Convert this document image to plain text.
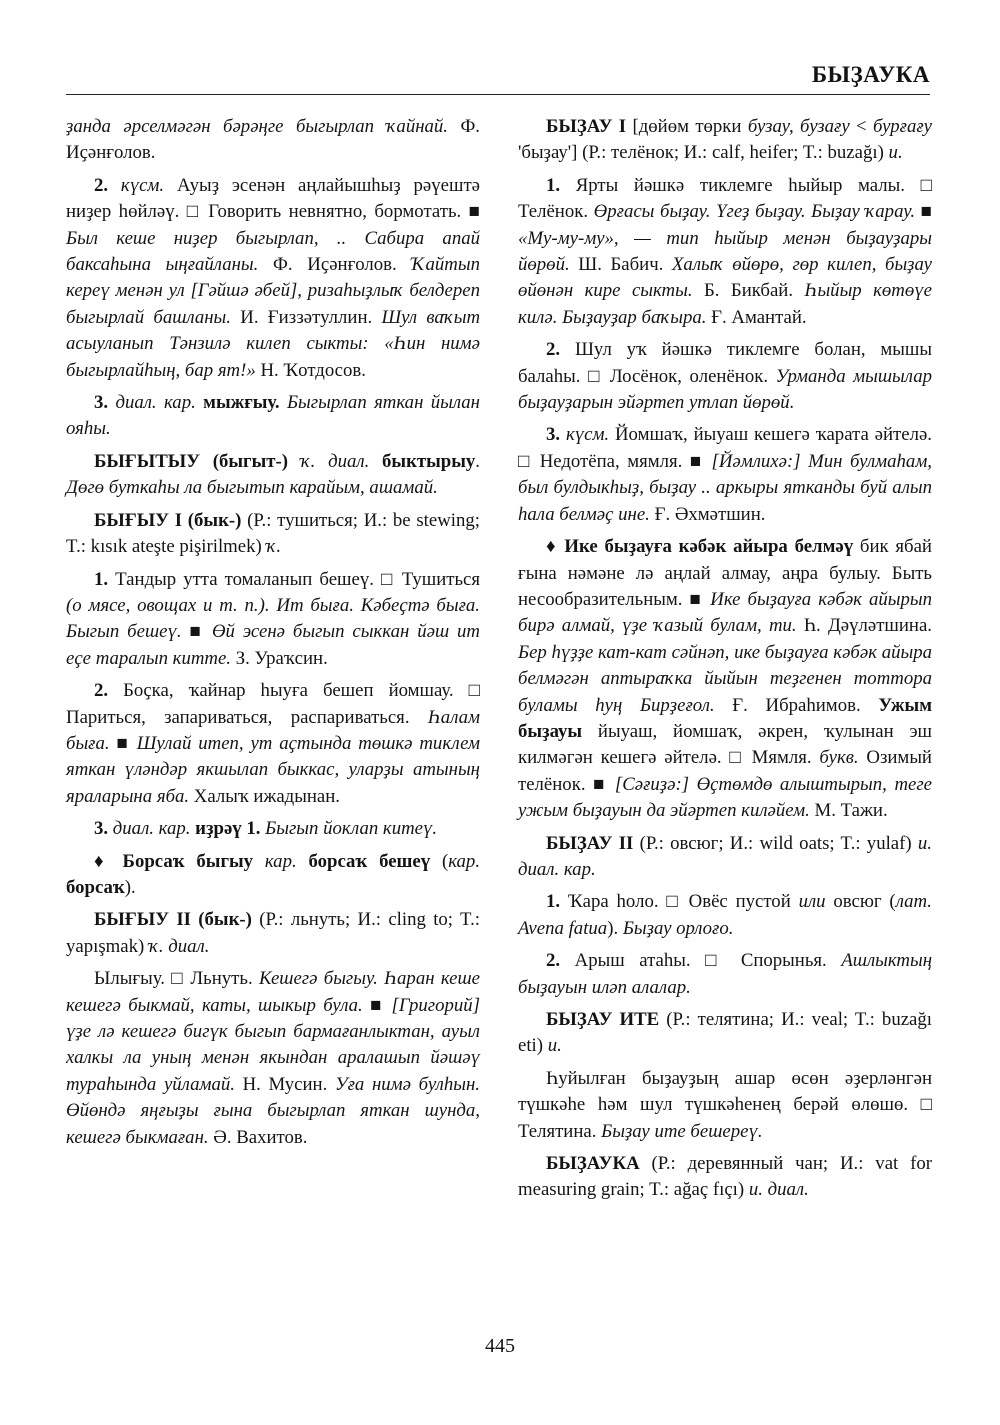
БЫҘАУКА

ҙанда әрселмәгән бәрәңге быгырлап ҡайнай. Ф. Иҫәнғолов.

2. күсм. Ауыҙ эсенән аңлайышһыҙ рәүештә ниҙер һөйләү. □ Говорить невнятно, бормотать. ■ Был кеше ниҙер быгырлап, .. Сабира апай баксаһына ыңғайланы. Ф. Иҫәнғолов. Ҡайтып кереү менән ул [Гәйшә әбей], ризаһыҙлыҡ белдереп быгырлай башланы. И. Ғиззәтуллин. Шул ваҡыт асыуланып Тәнзилә килеп сыкты: «Һин нимә быгырлайһың, бар ят!» Н. Ҡотдосов.

3. диал. кар. мыжғыу. Быгырлап яткан йылан ояһы.

БЫҒЫТЫУ (быгыт-) ҡ. диал. быктырыу. Дөгө буткаһы ла быгытып карайым, ашамай.

БЫҒЫУ I (бык-) (Р.: тушиться; И.: be stewing; T.: kısık ateşte pişirilmek) ҡ.

1. Тандыр утта томаланып бешеү. □ Тушиться (о мясе, овощах и т. п.). Ит быға. Кәбеҫтә быға. Быгып бешеү. ■ Өй эсенә быгып сыккан йәш ит еҫе таралып китте. З. Ураҡсин.

2. Боҫка, ҡайнар һыуға бешеп йомшау. □ Париться, запариваться, распариваться. Һалам быға. ■ Шулай итеп, ут аҫтында төшкә тиклем яткан үләндәр якшылап быккас, уларҙы атының яраларына яба. Халыҡ ижадынан.

3. диал. кар. иҙрәү 1. Быгып йоклап китеү.

♦ Борсаҡ быгыу кар. борсаҡ бешеү (кар. борсаҡ).

БЫҒЫУ II (бык-) (Р.: льнуть; И.: cling to; T.: yapışmak) ҡ. диал.

Ылығыу. □ Льнуть. Кешегә быгыу. Һаран кеше кешегә быкмай, каты, шыкыр була. ■ [Григорий] үҙе лә кешегә бигүк быгып бармағанлыктан, ауыл халкы ла уның менән якындан аралашып йәшәү турaһында уйламай. Н. Мусин. Уға нимә булһын. Өйөндә яңғыҙы ғына быгырлап яткан шунда, кешегә быкмаған. Ә. Вахитов.

БЫҘАУ I [дөйөм төрки бузау, бузағу < бурғағу 'быҙау'] (Р.: телёнок; И.: calf, heifer; T.: buzağı) и.

1. Ярты йәшкә тиклемге һыйыр малы. □ Телёнок. Өрғасы быҙау. Үгеҙ быҙау. Быҙау ҡарау. ■ «Му-му-му», — тип һыйыр менән быҙауҙары йөрөй. Ш. Бабич. Халыҡ өйөрө, гөр килеп, быҙау өйөнән кире сыкты. Б. Бикбай. Һыйыр көтөүе килә. Быҙауҙар баҡыра. Ғ. Амантай.

2. Шул уҡ йәшкә тиклемге болан, мышы балаһы. □ Лосёнок, оленёнок. Урманда мышылар быҙауҙарын эйәртеп утлап йөрөй.

3. күсм. Йомшаҡ, йыуаш кешегә ҡарата әйтелә. □ Недотёпа, мямля. ■ [Йәмлихә:] Мин булмаһам, был булдыкһыҙ, быҙау .. аркыры ятканды буй алып һала белмәҫ ине. Ғ. Әхмәтшин.

♦ Ике быҙауға кәбәк айыра белмәү бик ябай ғына нәмәне лә аңлай алмау, аңра булыу. Быть несообразительным. ■ Ике быҙауға кәбәк айырып бирә алмай, үҙе ҡазый булам, ти. Һ. Дәүләтшина. Бер һүҙҙе кат-кат сәйнәп, ике быҙауға кәбәк айыра белмәгән аптыраҡка йыйын теҙгенен тоттора буламы һуң Бирҙеғол. Ғ. Ибраһимов. Ужым быҙауы йыуаш, йомшаҡ, әкрен, ҡулынан эш килмәгән кешегә әйтелә. □ Мямля. букв. Озимый телёнок. ■ [Сәғиҙә:] Өҫтөмдө алыштырып, теге ужым быҙауын да эйәртеп киләйем. М. Тажи.

БЫҘАУ II (Р.: овсюг; И.: wild oats; T.: yulaf) и. диал. кар.

1. Ҡара һоло. □ Овёс пустой или овсюг (лат. Avena fatua). Быҙау орлоғо.

2. Арыш атаһы. □ Спорынья. Ашлыктың быҙауын иләп алалар.

БЫҘАУ ИТЕ (Р.: телятина; И.: veal; T.: buzağı eti) и.

Һуйылған быҙауҙың ашар өсөн әҙерләнгән түшкәһе һәм шул түшкәһенең берәй өлөшө. □ Телятина. Быҙау ите бешереү.

БЫҘАУКА (Р.: деревянный чан; И.: vat for measuring grain; T.: ağaç fıçı) и. диал.

445
